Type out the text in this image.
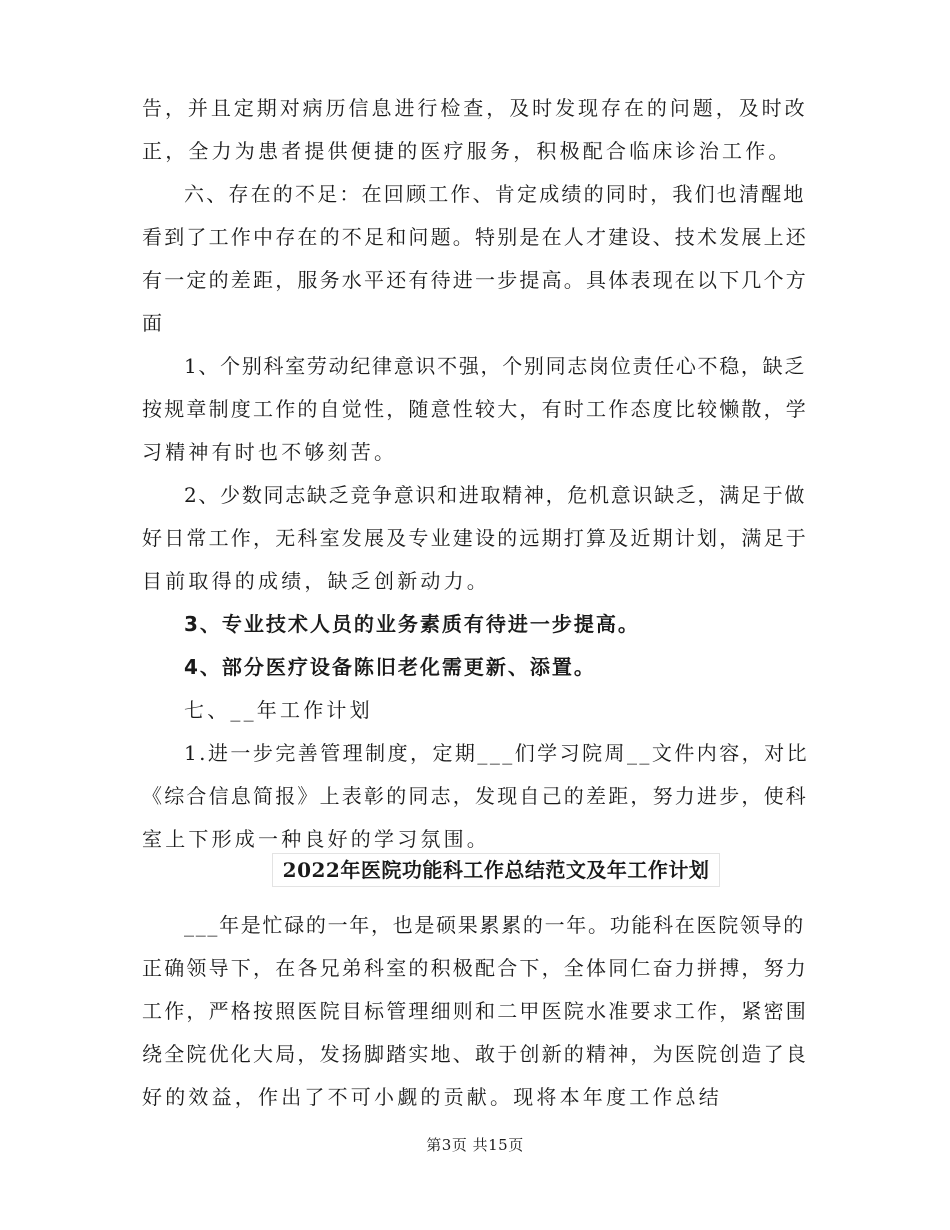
告，并且定期对病历信息进行检查，及时发现存在的问题，及时改
正，全力为患者提供便捷的医疗服务，积极配合临床诊治工作。
六、存在的不足：在回顾工作、肯定成绩的同时，我们也清醒地
看到了工作中存在的不足和问题。特别是在人才建设、技术发展上还
有一定的差距，服务水平还有待进一步提高。具体表现在以下几个方
面
1、个别科室劳动纪律意识不强，个别同志岗位责任心不稳，缺乏
按规章制度工作的自觉性，随意性较大，有时工作态度比较懒散，学
习精神有时也不够刻苦。
2、少数同志缺乏竞争意识和进取精神，危机意识缺乏，满足于做
好日常工作，无科室发展及专业建设的远期打算及近期计划，满足于
目前取得的成绩，缺乏创新动力。
3、专业技术人员的业务素质有待进一步提高。
4、部分医疗设备陈旧老化需更新、添置。
七、__年工作计划
1.进一步完善管理制度，定期___们学习院周__文件内容，对比
《综合信息简报》上表彰的同志，发现自己的差距，努力进步，使科
室上下形成一种良好的学习氛围。
2022年医院功能科工作总结范文及年工作计划
___年是忙碌的一年，也是硕果累累的一年。功能科在医院领导的
正确领导下，在各兄弟科室的积极配合下，全体同仁奋力拼搏，努力
工作，严格按照医院目标管理细则和二甲医院水准要求工作，紧密围
绕全院优化大局，发扬脚踏实地、敢于创新的精神，为医院创造了良
好的效益，作出了不可小觑的贡献。现将本年度工作总结
第3页 共15页
